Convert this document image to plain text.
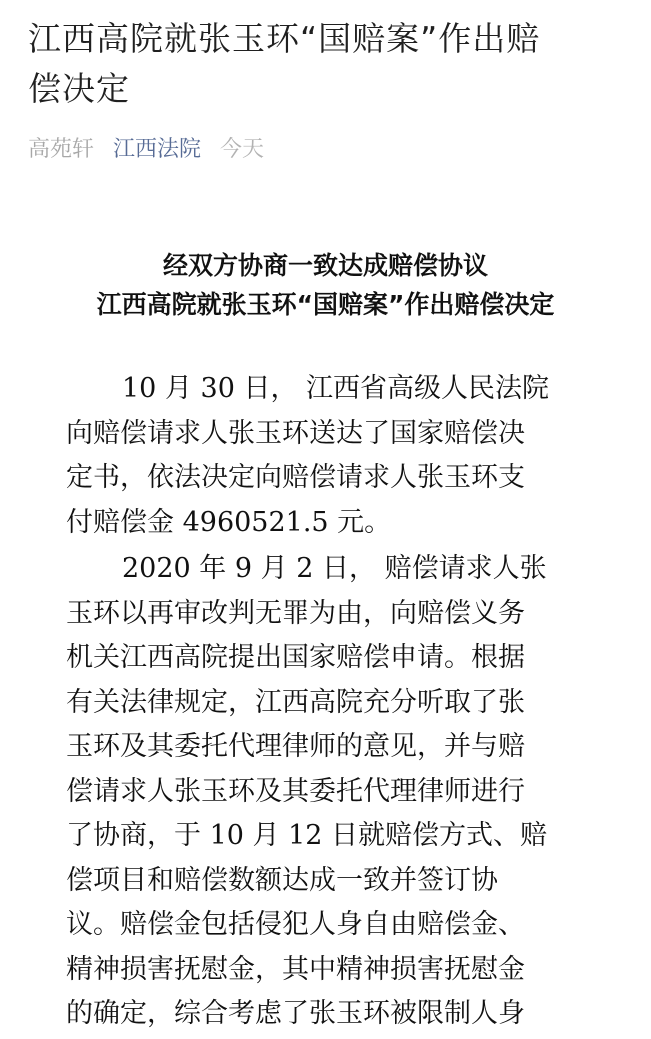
江西高院就张玉环“国赔案”作出赔
偿决定
高苑轩 江西法院 今天
经双方协商一致达成赔偿协议
江西高院就张玉环“国赔案”作出赔偿决定
10 月 30 日， 江西省高级人民法院
向赔偿请求人张玉环送达了国家赔偿决
定书，依法决定向赔偿请求人张玉环支
付赔偿金 4960521.5 元。
2020 年 9 月 2 日， 赔偿请求人张
玉环以再审改判无罪为由，向赔偿义务
机关江西高院提出国家赔偿申请。根据
有关法律规定，江西高院充分听取了张
玉环及其委托代理律师的意见，并与赔
偿请求人张玉环及其委托代理律师进行
了协商，于 10 月 12 日就赔偿方式、赔
偿项目和赔偿数额达成一致并签订协
议。赔偿金包括侵犯人身自由赔偿金、
精神损害抚慰金，其中精神损害抚慰金
的确定，综合考虑了张玉环被限制人身
